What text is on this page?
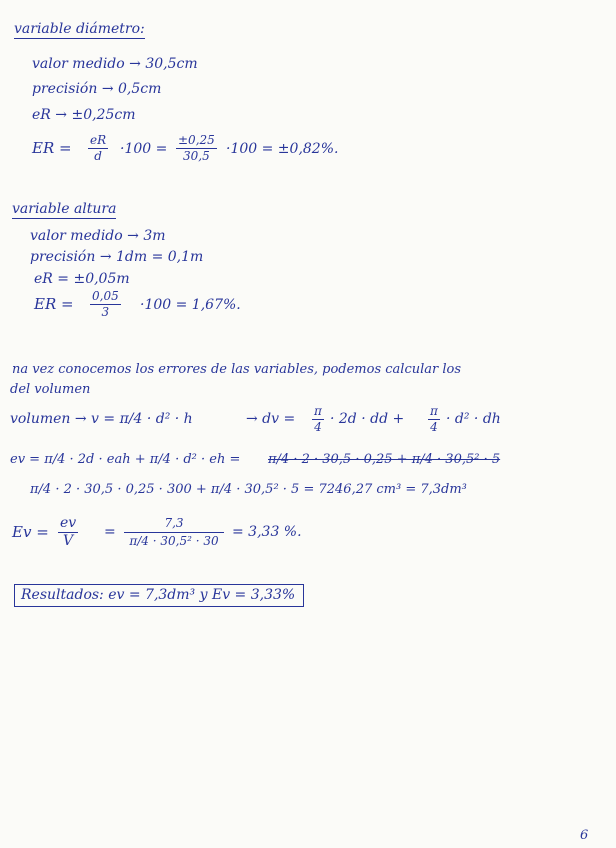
variable diámetro:
valor medido → 30,5cm
precisión → 0,5cm
eR → ±0,25cm
ER = $\frac{eR}{d} \cdot 100 = \frac{\pm 0,25}{30,5} \cdot 100 = \pm 0,82\%$.
variable altura
valor medido → 3m
precisión → 1dm = 0,1m
eR = ±0,05m
ER = $\frac{0,05}{3} \cdot 100 = 1,67\%$.
na vez conocemos los errores de las variables, podemos calcular los
del volumen
volumen → v = π/4 · d² · h	→ dv = $\frac{\pi}{4} \cdot 2d$ · dd + $\frac{\pi}{4} \cdot d^2$ · dh
ev = π/4 · 2d · eah + π/4 · d² · eh = π/4 · 2 · 30,5 · 0,25 + π/4 · 30,5² · 5
π/4 · 2 · 30,5 · 0,25 · 300 + π/4 · 30,5² · 5 = 7246,27 cm³ = 7,3dm³
$Ev = \frac{ev}{V} = \frac{7,3}{\text{π/4 · 30,5² · 30}} = 3,33$ %.
Resultados: ev = 7,3dm³ y Ev = 3,33%
6
